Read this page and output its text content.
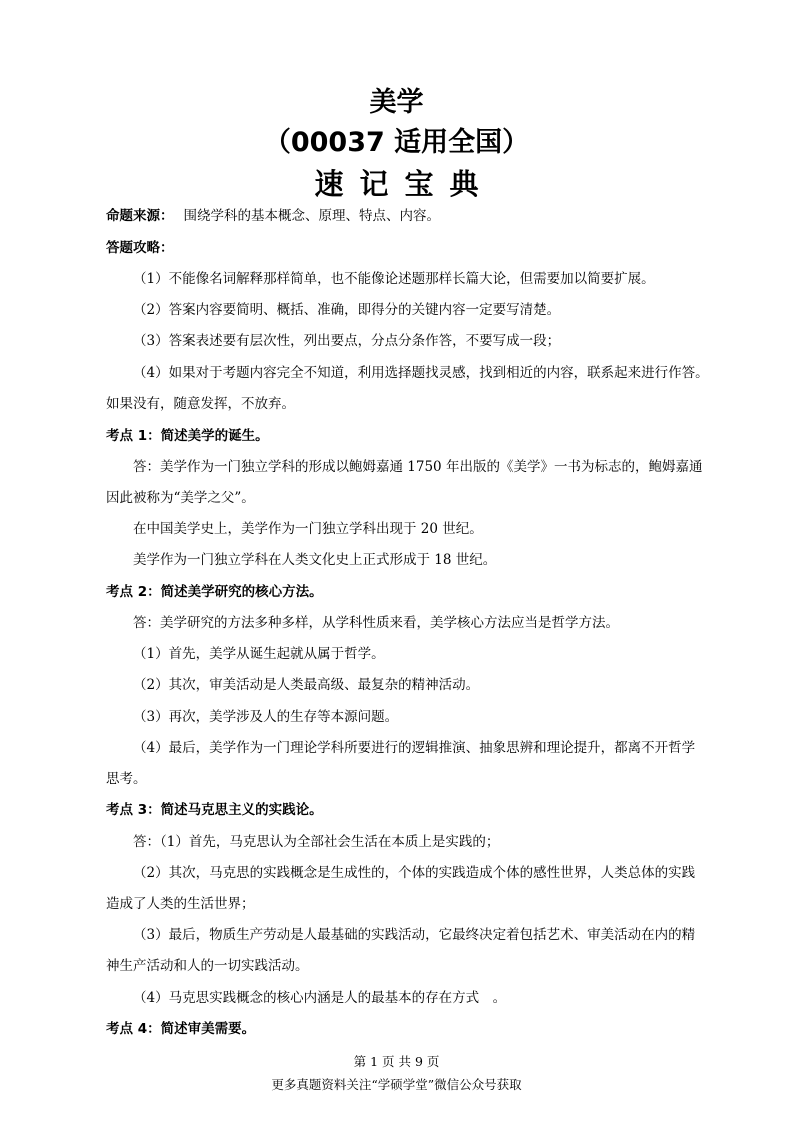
美学
（00037 适用全国）
速记宝典
命题来源： 围绕学科的基本概念、原理、特点、内容。
答题攻略：
（1）不能像名词解释那样简单，也不能像论述题那样长篇大论，但需要加以简要扩展。
（2）答案内容要简明、概括、准确，即得分的关键内容一定要写清楚。
（3）答案表述要有层次性，列出要点，分点分条作答，不要写成一段；
（4）如果对于考题内容完全不知道，利用选择题找灵感，找到相近的内容，联系起来进行作答。
如果没有，随意发挥，不放弃。
考点 1：简述美学的诞生。
答：美学作为一门独立学科的形成以鲍姆嘉通 1750 年出版的《美学》一书为标志的，鲍姆嘉通
因此被称为“美学之父”。
在中国美学史上，美学作为一门独立学科出现于 20 世纪。
美学作为一门独立学科在人类文化史上正式形成于 18 世纪。
考点 2：简述美学研究的核心方法。
答：美学研究的方法多种多样，从学科性质来看，美学核心方法应当是哲学方法。
（1）首先，美学从诞生起就从属于哲学。
（2）其次，审美活动是人类最高级、最复杂的精神活动。
（3）再次，美学涉及人的生存等本源问题。
（4）最后，美学作为一门理论学科所要进行的逻辑推演、抽象思辨和理论提升，都离不开哲学
思考。
考点 3：简述马克思主义的实践论。
答：（1）首先，马克思认为全部社会生活在本质上是实践的；
（2）其次，马克思的实践概念是生成性的，个体的实践造成个体的感性世界，人类总体的实践
造成了人类的生活世界；
（3）最后，物质生产劳动是人最基础的实践活动，它最终决定着包括艺术、审美活动在内的精
神生产活动和人的一切实践活动。
（4）马克思实践概念的核心内涵是人的最基本的存在方式　。
考点 4：简述审美需要。
第 1 页 共 9 页
更多真题资料关注“学硕学堂”微信公众号获取
